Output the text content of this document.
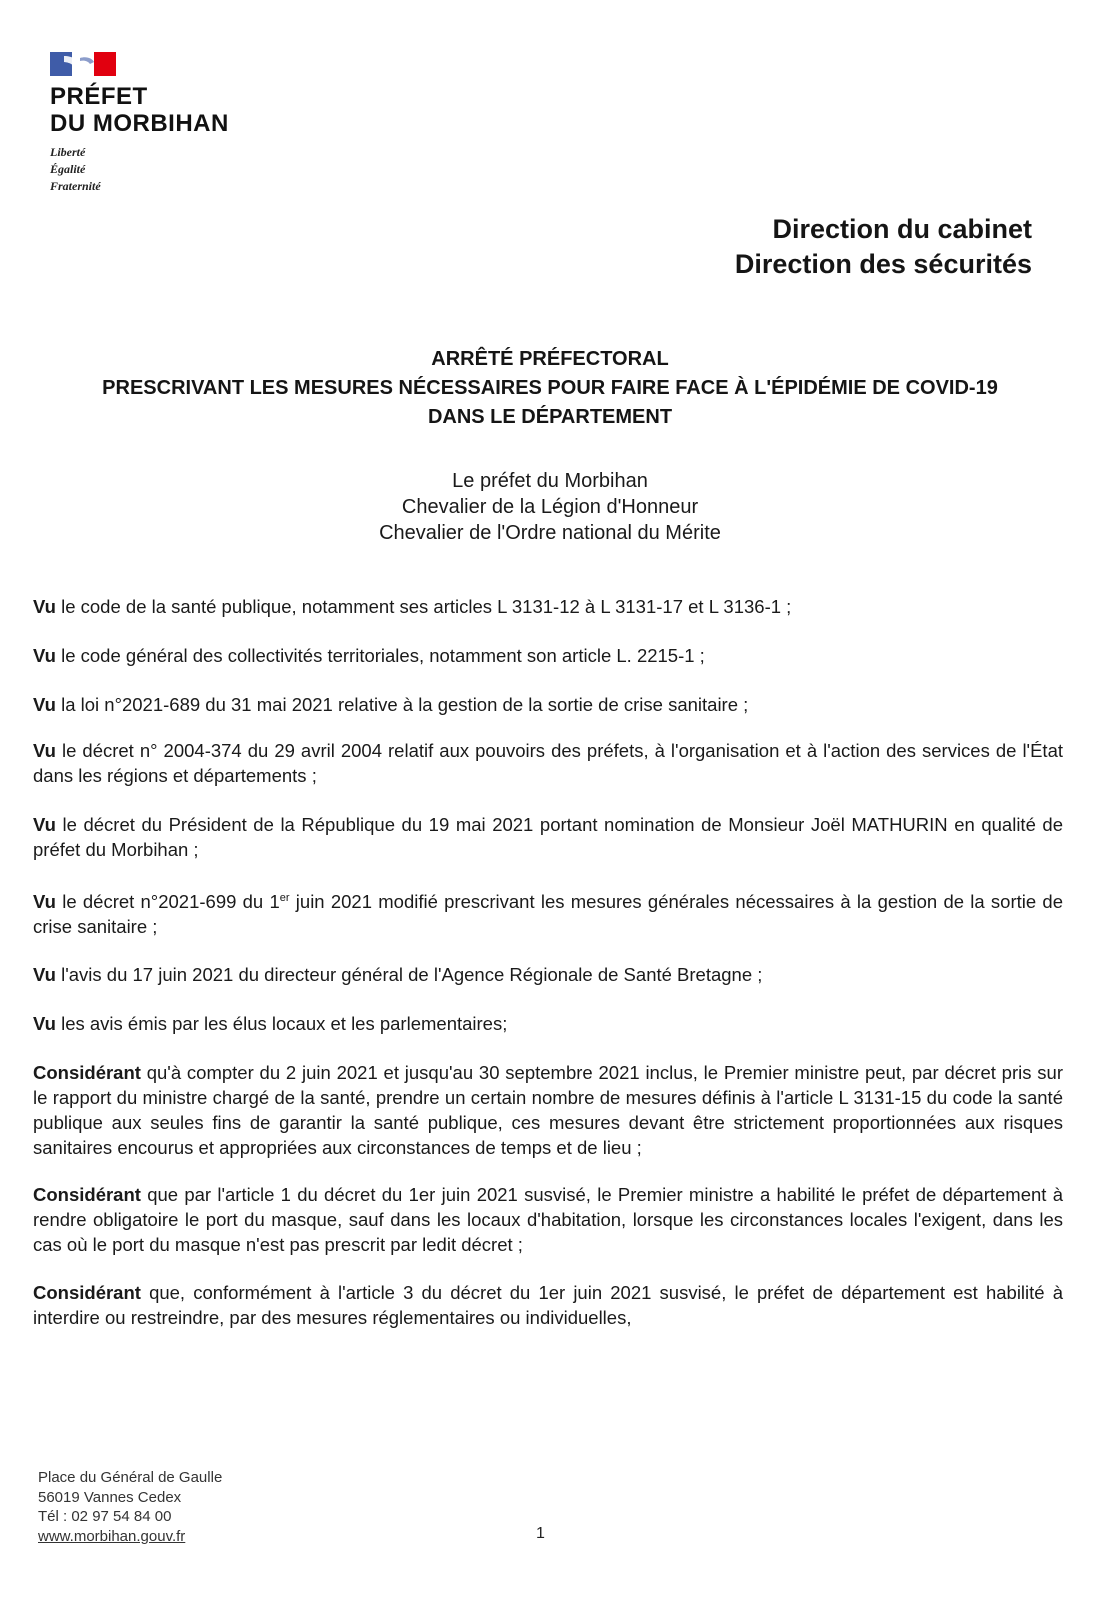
PRÉFET
DU MORBIHAN
Liberté
Égalité
Fraternité
Direction du cabinet
Direction des sécurités
ARRÊTÉ PRÉFECTORAL
PRESCRIVANT LES MESURES NÉCESSAIRES POUR FAIRE FACE À L'ÉPIDÉMIE DE COVID-19
DANS LE DÉPARTEMENT
Le préfet du Morbihan
Chevalier de la Légion d'Honneur
Chevalier de l'Ordre national du Mérite

Vu le code de la santé publique, notamment ses articles L 3131-12 à L 3131-17 et L 3136-1 ;

Vu le code général des collectivités territoriales, notamment son article L. 2215-1 ;

Vu la loi n°2021-689 du 31 mai 2021 relative à la gestion de la sortie de crise sanitaire ;

Vu le décret n° 2004-374 du 29 avril 2004 relatif aux pouvoirs des préfets, à l'organisation et à l'action des services de l'État dans les régions et départements ;

Vu le décret du Président de la République du 19 mai 2021 portant nomination de Monsieur Joël MATHURIN en qualité de préfet du Morbihan ;

Vu le décret n°2021-699 du 1er juin 2021 modifié prescrivant les mesures générales nécessaires à la gestion de la sortie de crise sanitaire ;

Vu l'avis du 17 juin 2021 du directeur général de l'Agence Régionale de Santé Bretagne ;

Vu les avis émis par les élus locaux et les parlementaires;

Considérant qu'à compter du 2 juin 2021 et jusqu'au 30 septembre 2021 inclus, le Premier ministre peut, par décret pris sur le rapport du ministre chargé de la santé, prendre un certain nombre de mesures définis à l'article L 3131-15 du code la santé publique aux seules fins de garantir la santé publique, ces mesures devant être strictement proportionnées aux risques sanitaires encourus et appropriées aux circonstances de temps et de lieu ;

Considérant que par l'article 1 du décret du 1er juin 2021 susvisé, le Premier ministre a habilité le préfet de département à rendre obligatoire le port du masque, sauf dans les locaux d'habitation, lorsque les circonstances locales l'exigent, dans les cas où le port du masque n'est pas prescrit par ledit décret ;

Considérant que, conformément à l'article 3 du décret du 1er juin 2021 susvisé, le préfet de département est habilité à interdire ou restreindre, par des mesures réglementaires ou individuelles,

Place du Général de Gaulle
56019 Vannes Cedex
Tél : 02 97 54 84 00
www.morbihan.gouv.fr	1
